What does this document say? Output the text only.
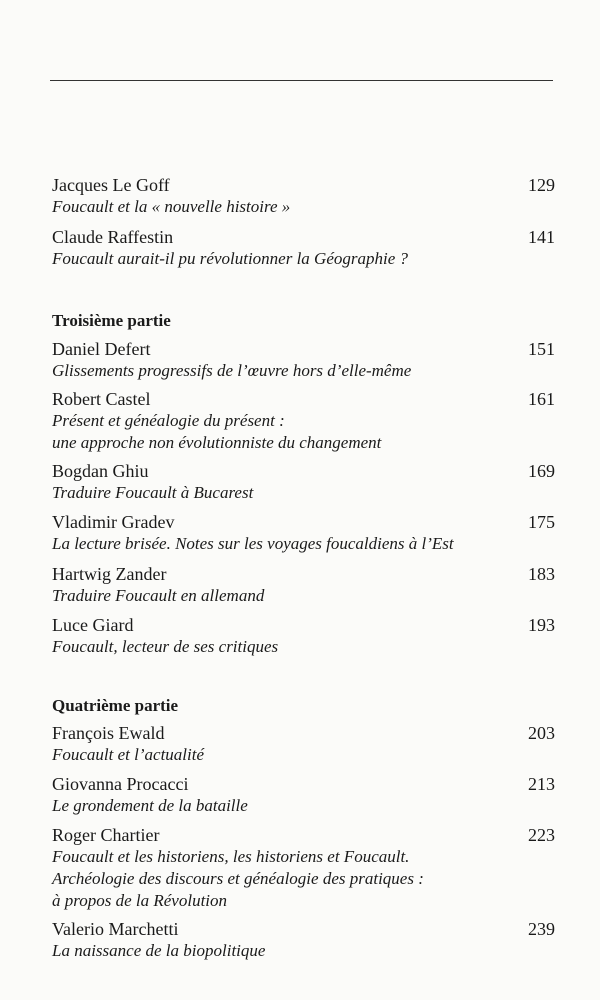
Jacques Le Goff	129
Foucault et la « nouvelle histoire »
Claude Raffestin	141
Foucault aurait-il pu révolutionner la Géographie ?
Troisième partie
Daniel Defert	151
Glissements progressifs de l’œuvre hors d’elle-même
Robert Castel	161
Présent et généalogie du présent :
une approche non évolutionniste du changement
Bogdan Ghiu	169
Traduire Foucault à Bucarest
Vladimir Gradev	175
La lecture brisée. Notes sur les voyages foucaldiens à l’Est
Hartwig Zander	183
Traduire Foucault en allemand
Luce Giard	193
Foucault, lecteur de ses critiques
Quatrième partie
François Ewald	203
Foucault et l’actualité
Giovanna Procacci	213
Le grondement de la bataille
Roger Chartier	223
Foucault et les historiens, les historiens et Foucault.
Archéologie des discours et généalogie des pratiques :
à propos de la Révolution
Valerio Marchetti	239
La naissance de la biopolitique
